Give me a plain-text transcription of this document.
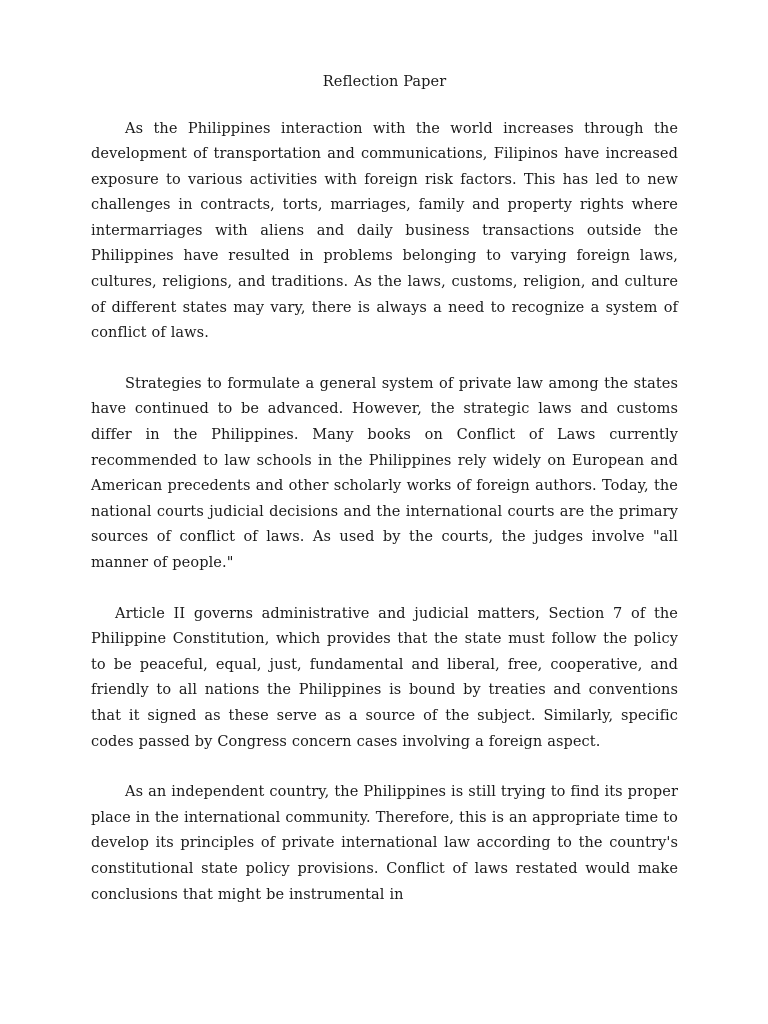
Reflection Paper

As the Philippines interaction with the world increases through the development of transportation and communications, Filipinos have increased exposure to various activities with foreign risk factors. This has led to new challenges in contracts, torts, marriages, family and property rights where intermarriages with aliens and daily business transactions outside the Philippines have resulted in problems belonging to varying foreign laws, cultures, religions, and traditions. As the laws, customs, religion, and culture of different states may vary, there is always a need to recognize a system of conflict of laws.

Strategies to formulate a general system of private law among the states have continued to be advanced. However, the strategic laws and customs differ in the Philippines. Many books on Conflict of Laws currently recommended to law schools in the Philippines rely widely on European and American precedents and other scholarly works of foreign authors. Today, the national courts judicial decisions and the international courts are the primary sources of conflict of laws. As used by the courts, the judges involve "all manner of people."

Article II governs administrative and judicial matters, Section 7 of the Philippine Constitution, which provides that the state must follow the policy to be peaceful, equal, just, fundamental and liberal, free, cooperative, and friendly to all nations the Philippines is bound by treaties and conventions that it signed as these serve as a source of the subject. Similarly, specific codes passed by Congress concern cases involving a foreign aspect.

As an independent country, the Philippines is still trying to find its proper place in the international community. Therefore, this is an appropriate time to develop its principles of private international law according to the country's constitutional state policy provisions. Conflict of laws restated would make conclusions that might be instrumental in
